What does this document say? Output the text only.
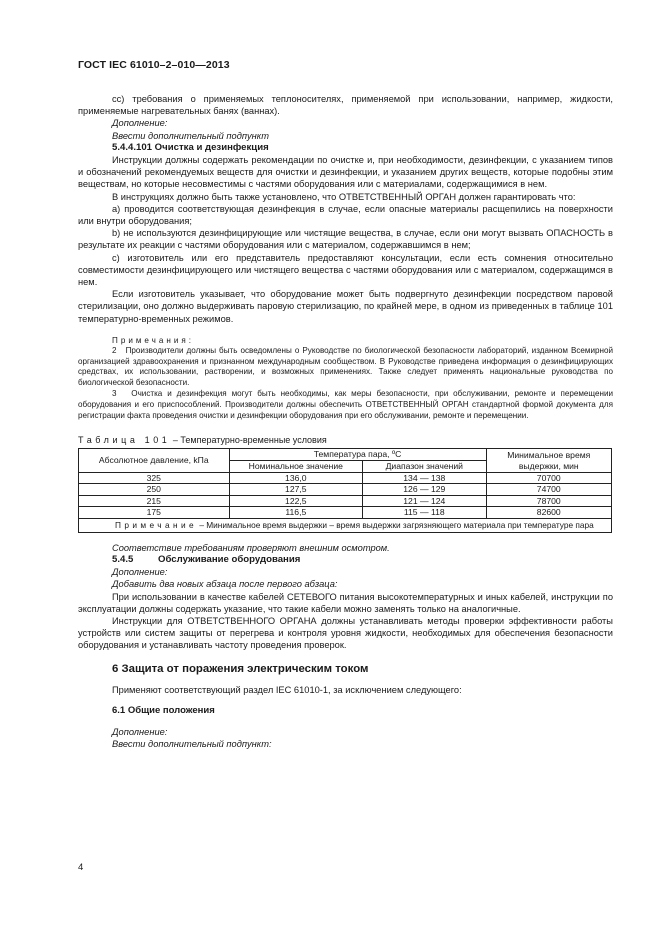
ГОСТ IEC 61010–2–010—2013

cc) требования о применяемых теплоносителях, применяемой при использовании, например, жидкости, применяемые нагревательных банях (ваннах).

Дополнение:
Ввести дополнительный подпункт
5.4.4.101 Очистка и дезинфекция

Инструкции должны содержать рекомендации по очистке и, при необходимости, дезинфекции, с указанием типов и обозначений рекомендуемых веществ для очистки и дезинфекции, и указанием других веществ, которые подобны этим веществам, но которые несовместимы с частями оборудования или с материалами, содержащимися в нем.

В инструкциях должно быть также установлено, что ОТВЕТСТВЕННЫЙ ОРГАН должен гарантировать что:

a) проводится соответствующая дезинфекция в случае, если опасные материалы расщепились на поверхности или внутри оборудования;

b) не используются дезинфицирующие или чистящие вещества, в случае, если они могут вызвать ОПАСНОСТЬ в результате их реакции с частями оборудования или с материалом, содержавшимся в нем;

c) изготовитель или его представитель предоставляют консультации, если есть сомнения относительно совместимости дезинфицирующего или чистящего вещества с частями оборудования или с материалом, содержащимся в нем.

Если изготовитель указывает, что оборудование может быть подвергнуто дезинфекции посредством паровой стерилизации, оно должно выдерживать паровую стерилизацию, по крайней мере, в одном из приведенных в таблице 101 температурно-временных режимов.

Примечания:

2 Производители должны быть осведомлены о Руководстве по биологической безопасности лабораторий, изданном Всемирной организацией здравоохранения и признанном международным сообществом. В Руководстве приведена информация о дезинфицирующих средствах, их использовании, растворении, и возможных применениях. Также следует применять национальные руководства по биологической безопасности.

3 Очистка и дезинфекция могут быть необходимы, как меры безопасности, при обслуживании, ремонте и перемещении оборудования и его приспособлений. Производители должны обеспечить ОТВЕТСТВЕННЫЙ ОРГАН стандартной формой документа для регистрации факта проведения очистки и дезинфекции оборудования при его обслуживании, ремонте и перемещении.

Таблица 101 – Температурно-временные условия
Абсолютное давление, kПа	Температура пара, ºС		Минимальное время выдержки, мин
	Номинальное значение	Диапазон значений	
325	136,0	134 — 138	70700
250	127,5	126 — 129	74700
215	122,5	121 — 124	78700
175	116,5	115 — 118	82600
Примечание – Минимальное время выдержки – время выдержки загрязняющего материала при температуре пара			
Соответствие требованиям проверяют внешним осмотром.
5.4.5	Обслуживание оборудования
Дополнение:
Добавить два новых абзаца после первого абзаца:

При использовании в качестве кабелей СЕТЕВОГО питания высокотемпературных и иных кабелей, инструкции по эксплуатации должны содержать указание, что такие кабели можно заменять только на аналогичные.

Инструкции для ОТВЕТСТВЕННОГО ОРГАНА должны устанавливать методы проверки эффективности работы устройств или систем защиты от перегрева и контроля уровня жидкости, необходимых для обеспечения безопасности оборудования и устанавливать частоту проведения проверок.

6 Защита от поражения электрическим током
Применяют соответствующий раздел IEC 61010-1, за исключением следующего:
6.1 Общие положения
Дополнение:
Ввести дополнительный подпункт:
4
